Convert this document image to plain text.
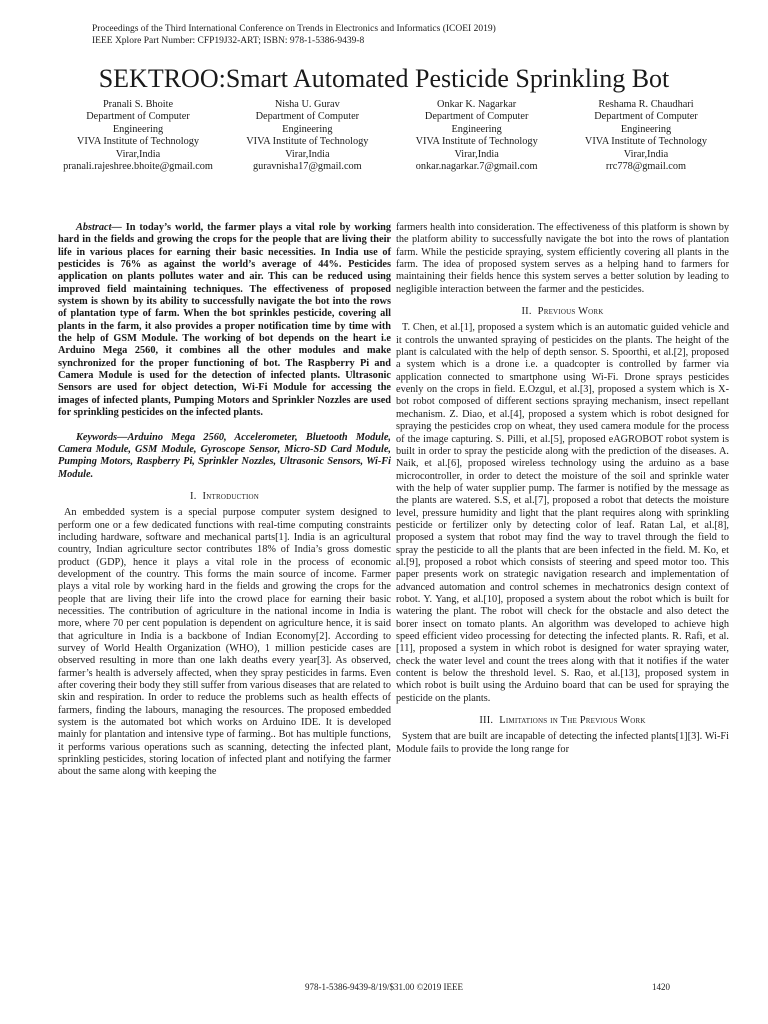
Proceedings of the Third International Conference on Trends in Electronics and Informatics (ICOEI 2019)
IEEE Xplore Part Number: CFP19J32-ART; ISBN: 978-1-5386-9439-8
SEKTROO:Smart Automated Pesticide Sprinkling Bot
Pranali S. Bhoite
Department of Computer
Engineering
VIVA Institute of Technology
Virar,India
pranali.rajeshree.bhoite@gmail.com
Nisha U. Gurav
Department of Computer
Engineering
VIVA Institute of Technology
Virar,India
guravnisha17@gmail.com
Onkar K. Nagarkar
Department of Computer
Engineering
VIVA Institute of Technology
Virar,India
onkar.nagarkar.7@gmail.com
Reshama R. Chaudhari
Department of Computer
Engineering
VIVA Institute of Technology
Virar,India
rrc778@gmail.com

Abstract— In today’s world, the farmer plays a vital role by working hard in the fields and growing the crops for the people that are living their life in various places for earning their basic necessities. In India use of pesticides is 76% as against the world’s average of 44%. Pesticides application on plants pollutes water and air. This can be reduced using improved field maintaining techniques. The effectiveness of proposed system is shown by its ability to successfully navigate the bot into the rows of plantation type of farm. When the bot sprinkles pesticide, covering all plants in the farm, it also provides a proper notification time by time with the help of GSM Module. The working of bot depends on the heart i.e Arduino Mega 2560, it combines all the other modules and make synchronized for the proper functioning of bot. The Raspberry Pi and Camera Module is used for the detection of infected plants. Ultrasonic Sensors are used for object detection, Wi-Fi Module for accessing the images of infected plants, Pumping Motors and Sprinkler Nozzles are used for sprinkling pesticides on the infected plants.

Keywords—Arduino Mega 2560, Accelerometer, Bluetooth Module, Camera Module, GSM Module, Gyroscope Sensor, Micro-SD Card Module, Pumping Motors, Raspberry Pi, Sprinkler Nozzles, Ultrasonic Sensors, Wi-Fi Module.

I. Introduction

An embedded system is a special purpose computer system designed to perform one or a few dedicated functions with real-time computing constraints including hardware, software and mechanical parts[1]. India is an agricultural country, Indian agriculture sector contributes 18% of India’s gross domestic product (GDP), hence it plays a vital role in the process of economic development of the country. This forms the main source of income. Farmer plays a vital role by working hard in the fields and growing the crops for the people that are living their life into the crowd place for earning their basic necessities. The contribution of agriculture in the national income in India is more, where 70 per cent population is dependent on agriculture hence, it is said that agriculture in India is a backbone of Indian Economy[2]. According to survey of World Health Organization (WHO), 1 million pesticide cases are observed resulting in more than one lakh deaths every year[3]. As observed, farmer’s health is adversely affected, when they spray pesticides in farms. Even after covering their body they still suffer from various diseases that are related to skin and respiration. In order to reduce the problems such as health effects of farmers, finding the labours, managing the resources. The proposed embedded system is the automated bot which works on Arduino IDE. It is developed mainly for plantation and intensive type of farming.. Bot has multiple functions, it performs various operations such as scanning, detecting the infected plant, sprinkling pesticides, storing location of infected plant and notifying the farmer about the same along with keeping the

farmers health into consideration. The effectiveness of this platform is shown by the platform ability to successfully navigate the bot into the rows of plantation farm. While the pesticide spraying, system efficiently covering all plants in the farm. The idea of proposed system serves as a helping hand to farmers for maintaining their fields hence this system serves a better solution by leading to negligible interaction between the farmer and the pesticides.

II. Previous Work

T. Chen, et al.[1], proposed a system which is an automatic guided vehicle and it controls the unwanted spraying of pesticides on the plants. The height of the plant is calculated with the help of depth sensor. S. Spoorthi, et al.[2], proposed a system which is a drone i.e. a quadcopter is controlled by farmer via application connected to smartphone using Wi-Fi. Drone sprays pesticides evenly on the crops in field. E.Ozgul, et al.[3], proposed a system which is X-bot robot composed of different sections spraying mechanism, insect repellant mechanism. Z. Diao, et al.[4], proposed a system which is robot designed for spraying the pesticides crop on wheat, they used camera module for the process of the image capturing. S. Pilli, et al.[5], proposed eAGROBOT robot system is built in order to spray the pesticide along with the prediction of the diseases. A. Naik, et al.[6], proposed wireless technology using the arduino as a base microcontroller, in order to detect the moisture of the soil and sprinkle water with the help of water supplier pump. The farmer is notified by the message as the plants are watered. S.S, et al.[7], proposed a robot that detects the moisture level, pressure humidity and light that the plant requires along with sprinkling pesticide or fertilizer only by detecting color of leaf. Ratan Lal, et al.[8], proposed a system that robot may find the way to travel through the field to spray the pesticide to all the plants that are been infected in the field. M. Ko, et al.[9], proposed a robot which consists of steering and speed motor too. This paper presents work on strategic navigation research and implementation of advanced automation and control schemes in mechatronics design context of robot. Y. Yang, et al.[10], proposed a system about the robot which is built for watering the plant. The robot will check for the obstacle and also detect the borer insect on tomato plants. An algorithm was developed to achieve high speed efficient video processing for detecting the infected plants. R. Rafi, et al.[11], proposed a system in which robot is designed for water spraying water, check the water level and count the trees along with that it notifies if the water content is below the threshold level. S. Rao, et al.[13], proposed system in which robot is built using the Arduino board that can be used for spraying the pesticide on the plants.

III. Limitations in The Previous Work

System that are built are incapable of detecting the infected plants[1][3]. Wi-Fi Module fails to provide the long range for

978-1-5386-9439-8/19/$31.00 ©2019 IEEE	1420
